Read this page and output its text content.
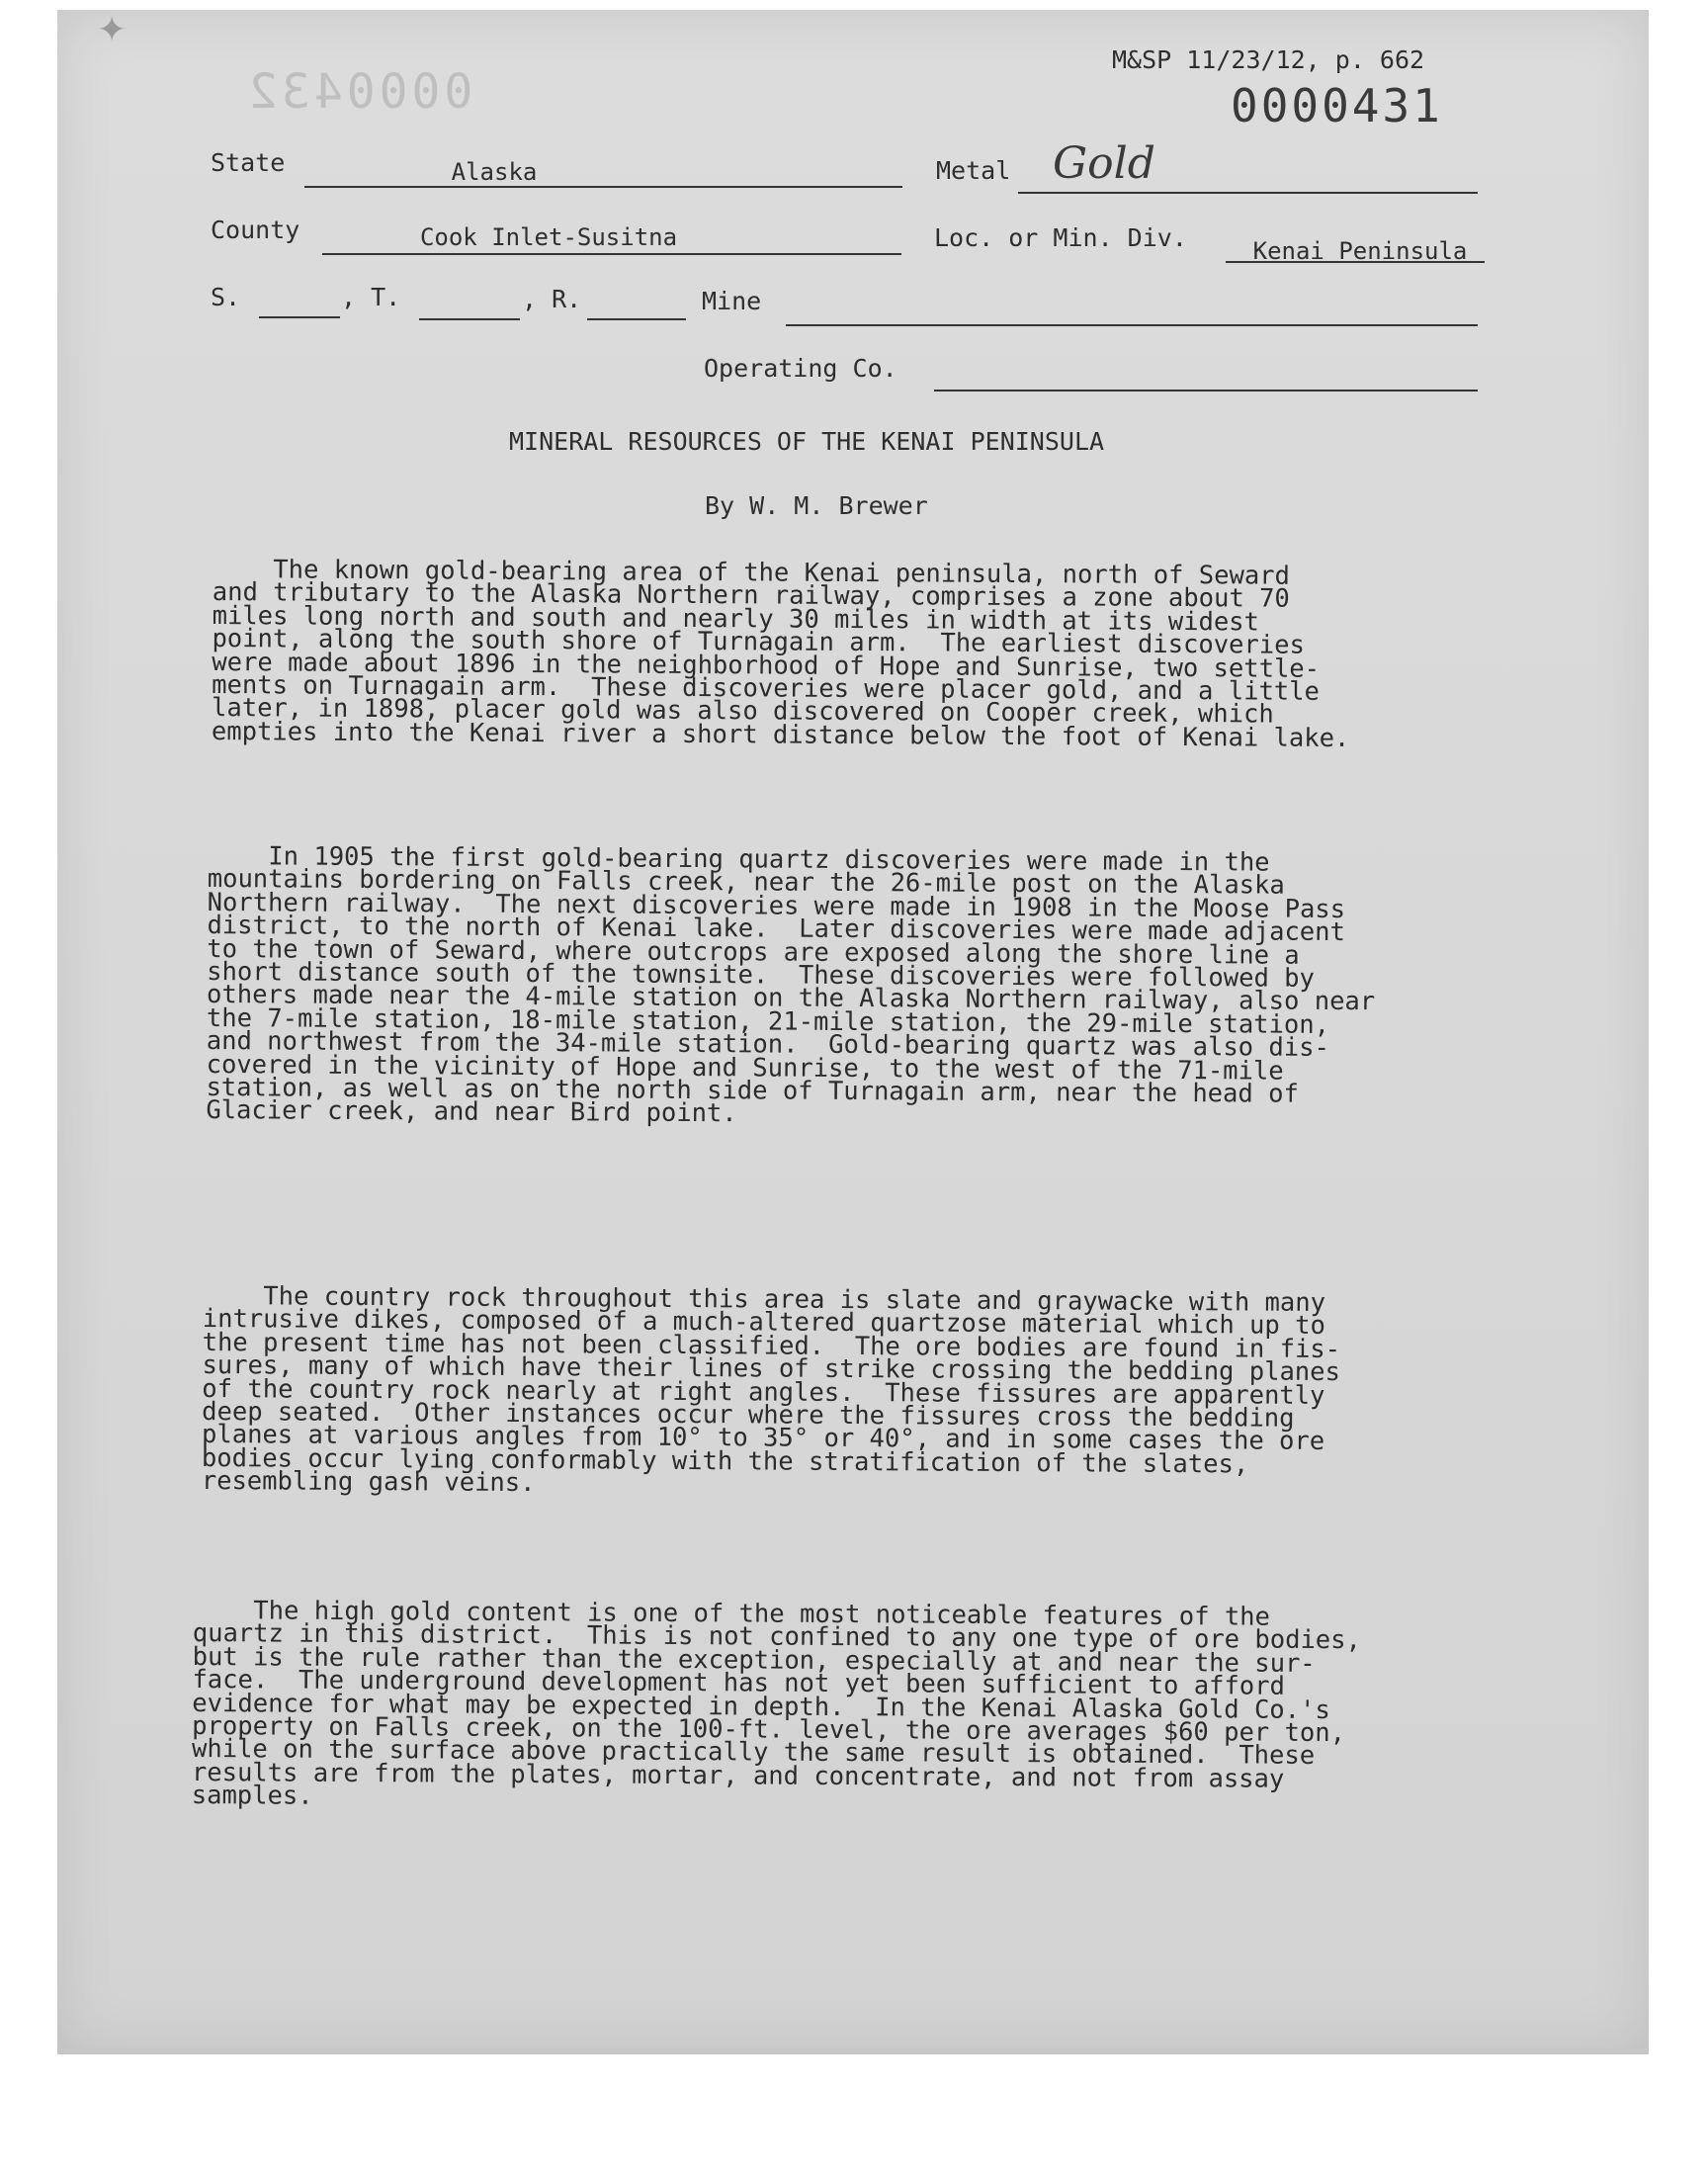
✦
0000432
M&SP 11/23/12, p. 662
0000431
State	Alaska	Metal Gold
County	Cook Inlet-Susitna	Loc. or Min. Div.	Kenai Peninsula
S.	, T.	, R.	Mine
Operating Co.
MINERAL RESOURCES OF THE KENAI PENINSULA
By W. M. Brewer
The known gold-bearing area of the Kenai peninsula, north of Seward
and tributary to the Alaska Northern railway, comprises a zone about 70
miles long north and south and nearly 30 miles in width at its widest
point, along the south shore of Turnagain arm.  The earliest discoveries
were made about 1896 in the neighborhood of Hope and Sunrise, two settle-
ments on Turnagain arm.  These discoveries were placer gold, and a little
later, in 1898, placer gold was also discovered on Cooper creek, which
empties into the Kenai river a short distance below the foot of Kenai lake.
In 1905 the first gold-bearing quartz discoveries were made in the
mountains bordering on Falls creek, near the 26-mile post on the Alaska
Northern railway.  The next discoveries were made in 1908 in the Moose Pass
district, to the north of Kenai lake.  Later discoveries were made adjacent
to the town of Seward, where outcrops are exposed along the shore line a
short distance south of the townsite.  These discoveries were followed by
others made near the 4-mile station on the Alaska Northern railway, also near
the 7-mile station, 18-mile station, 21-mile station, the 29-mile station,
and northwest from the 34-mile station.  Gold-bearing quartz was also dis-
covered in the vicinity of Hope and Sunrise, to the west of the 71-mile
station, as well as on the north side of Turnagain arm, near the head of
Glacier creek, and near Bird point.
The country rock throughout this area is slate and graywacke with many
intrusive dikes, composed of a much-altered quartzose material which up to
the present time has not been classified.  The ore bodies are found in fis-
sures, many of which have their lines of strike crossing the bedding planes
of the country rock nearly at right angles.  These fissures are apparently
deep seated.  Other instances occur where the fissures cross the bedding
planes at various angles from 10° to 35° or 40°, and in some cases the ore
bodies occur lying conformably with the stratification of the slates,
resembling gash veins.
The high gold content is one of the most noticeable features of the
quartz in this district.  This is not confined to any one type of ore bodies,
but is the rule rather than the exception, especially at and near the sur-
face.  The underground development has not yet been sufficient to afford
evidence for what may be expected in depth.  In the Kenai Alaska Gold Co.'s
property on Falls creek, on the 100-ft. level, the ore averages $60 per ton,
while on the surface above practically the same result is obtained.  These
results are from the plates, mortar, and concentrate, and not from assay
samples.
